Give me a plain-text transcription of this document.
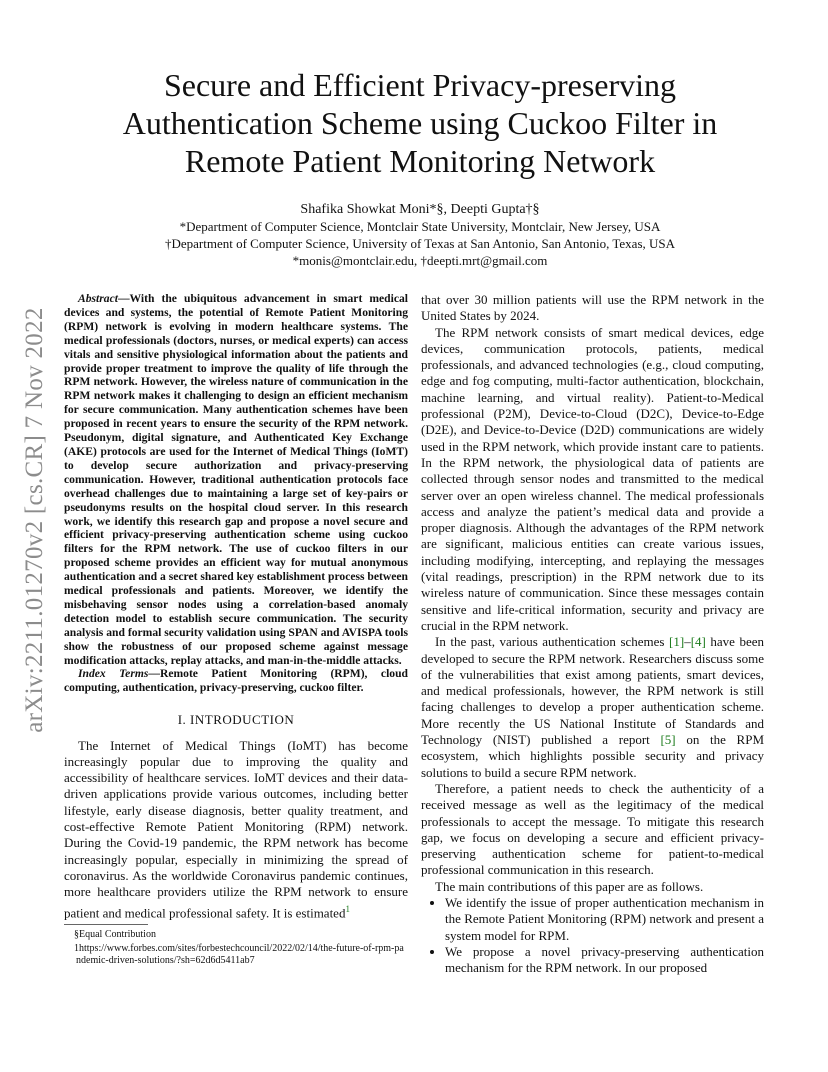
arXiv:2211.01270v2 [cs.CR] 7 Nov 2022
Secure and Efficient Privacy-preserving
Authentication Scheme using Cuckoo Filter in
Remote Patient Monitoring Network
Shafika Showkat Moni*§, Deepti Gupta†§
*Department of Computer Science, Montclair State University, Montclair, New Jersey, USA
†Department of Computer Science, University of Texas at San Antonio, San Antonio, Texas, USA
*monis@montclair.edu, †deepti.mrt@gmail.com

Abstract—With the ubiquitous advancement in smart medical devices and systems, the potential of Remote Patient Monitoring (RPM) network is evolving in modern healthcare systems. The medical professionals (doctors, nurses, or medical experts) can access vitals and sensitive physiological information about the patients and provide proper treatment to improve the quality of life through the RPM network. However, the wireless nature of communication in the RPM network makes it challenging to design an efficient mechanism for secure communication. Many authentication schemes have been proposed in recent years to ensure the security of the RPM network. Pseudonym, digital signature, and Authenticated Key Exchange (AKE) protocols are used for the Internet of Medical Things (IoMT) to develop secure authorization and privacy-preserving communication. However, traditional authentication protocols face overhead challenges due to maintaining a large set of key-pairs or pseudonyms results on the hospital cloud server. In this research work, we identify this research gap and propose a novel secure and efficient privacy-preserving authentication scheme using cuckoo filters for the RPM network. The use of cuckoo filters in our proposed scheme provides an efficient way for mutual anonymous authentication and a secret shared key establishment process between medical professionals and patients. Moreover, we identify the misbehaving sensor nodes using a correlation-based anomaly detection model to establish secure communication. The security analysis and formal security validation using SPAN and AVISPA tools show the robustness of our proposed scheme against message modification attacks, replay attacks, and man-in-the-middle attacks.

Index Terms—Remote Patient Monitoring (RPM), cloud computing, authentication, privacy-preserving, cuckoo filter.

I. INTRODUCTION

The Internet of Medical Things (IoMT) has become increasingly popular due to improving the quality and accessibility of healthcare services. IoMT devices and their data-driven applications provide various outcomes, including better lifestyle, early disease diagnosis, better quality treatment, and cost-effective Remote Patient Monitoring (RPM) network. During the Covid-19 pandemic, the RPM network has become increasingly popular, especially in minimizing the spread of coronavirus. As the worldwide Coronavirus pandemic continues, more healthcare providers utilize the RPM network to ensure patient and medical professional safety. It is estimated$^1$

§Equal Contribution

1https://www.forbes.com/sites/forbestechcouncil/2022/02/14/the-future-of-rpm-pandemic-driven-solutions/?sh=62d6d5411ab7

that over 30 million patients will use the RPM network in the United States by 2024.

The RPM network consists of smart medical devices, edge devices, communication protocols, patients, medical professionals, and advanced technologies (e.g., cloud computing, edge and fog computing, multi-factor authentication, blockchain, machine learning, and virtual reality). Patient-to-Medical professional (P2M), Device-to-Cloud (D2C), Device-to-Edge (D2E), and Device-to-Device (D2D) communications are widely used in the RPM network, which provide instant care to patients. In the RPM network, the physiological data of patients are collected through sensor nodes and transmitted to the medical server over an open wireless channel. The medical professionals access and analyze the patient’s medical data and provide a proper diagnosis. Although the advantages of the RPM network are significant, malicious entities can create various issues, including modifying, intercepting, and replaying the messages (vital readings, prescription) in the RPM network due to its wireless nature of communication. Since these messages contain sensitive and life-critical information, security and privacy are crucial in the RPM network.

In the past, various authentication schemes [1]–[4] have been developed to secure the RPM network. Researchers discuss some of the vulnerabilities that exist among patients, smart devices, and medical professionals, however, the RPM network is still facing challenges to develop a proper authentication scheme. More recently the US National Institute of Standards and Technology (NIST) published a report [5] on the RPM ecosystem, which highlights possible security and privacy solutions to build a secure RPM network.

Therefore, a patient needs to check the authenticity of a received message as well as the legitimacy of the medical professionals to accept the message. To mitigate this research gap, we focus on developing a secure and efficient privacy-preserving authentication scheme for patient-to-medical professional communication in this research.

The main contributions of this paper are as follows.

• We identify the issue of proper authentication mechanism in the Remote Patient Monitoring (RPM) network and present a system model for RPM.
• We propose a novel privacy-preserving authentication mechanism for the RPM network. In our proposed
